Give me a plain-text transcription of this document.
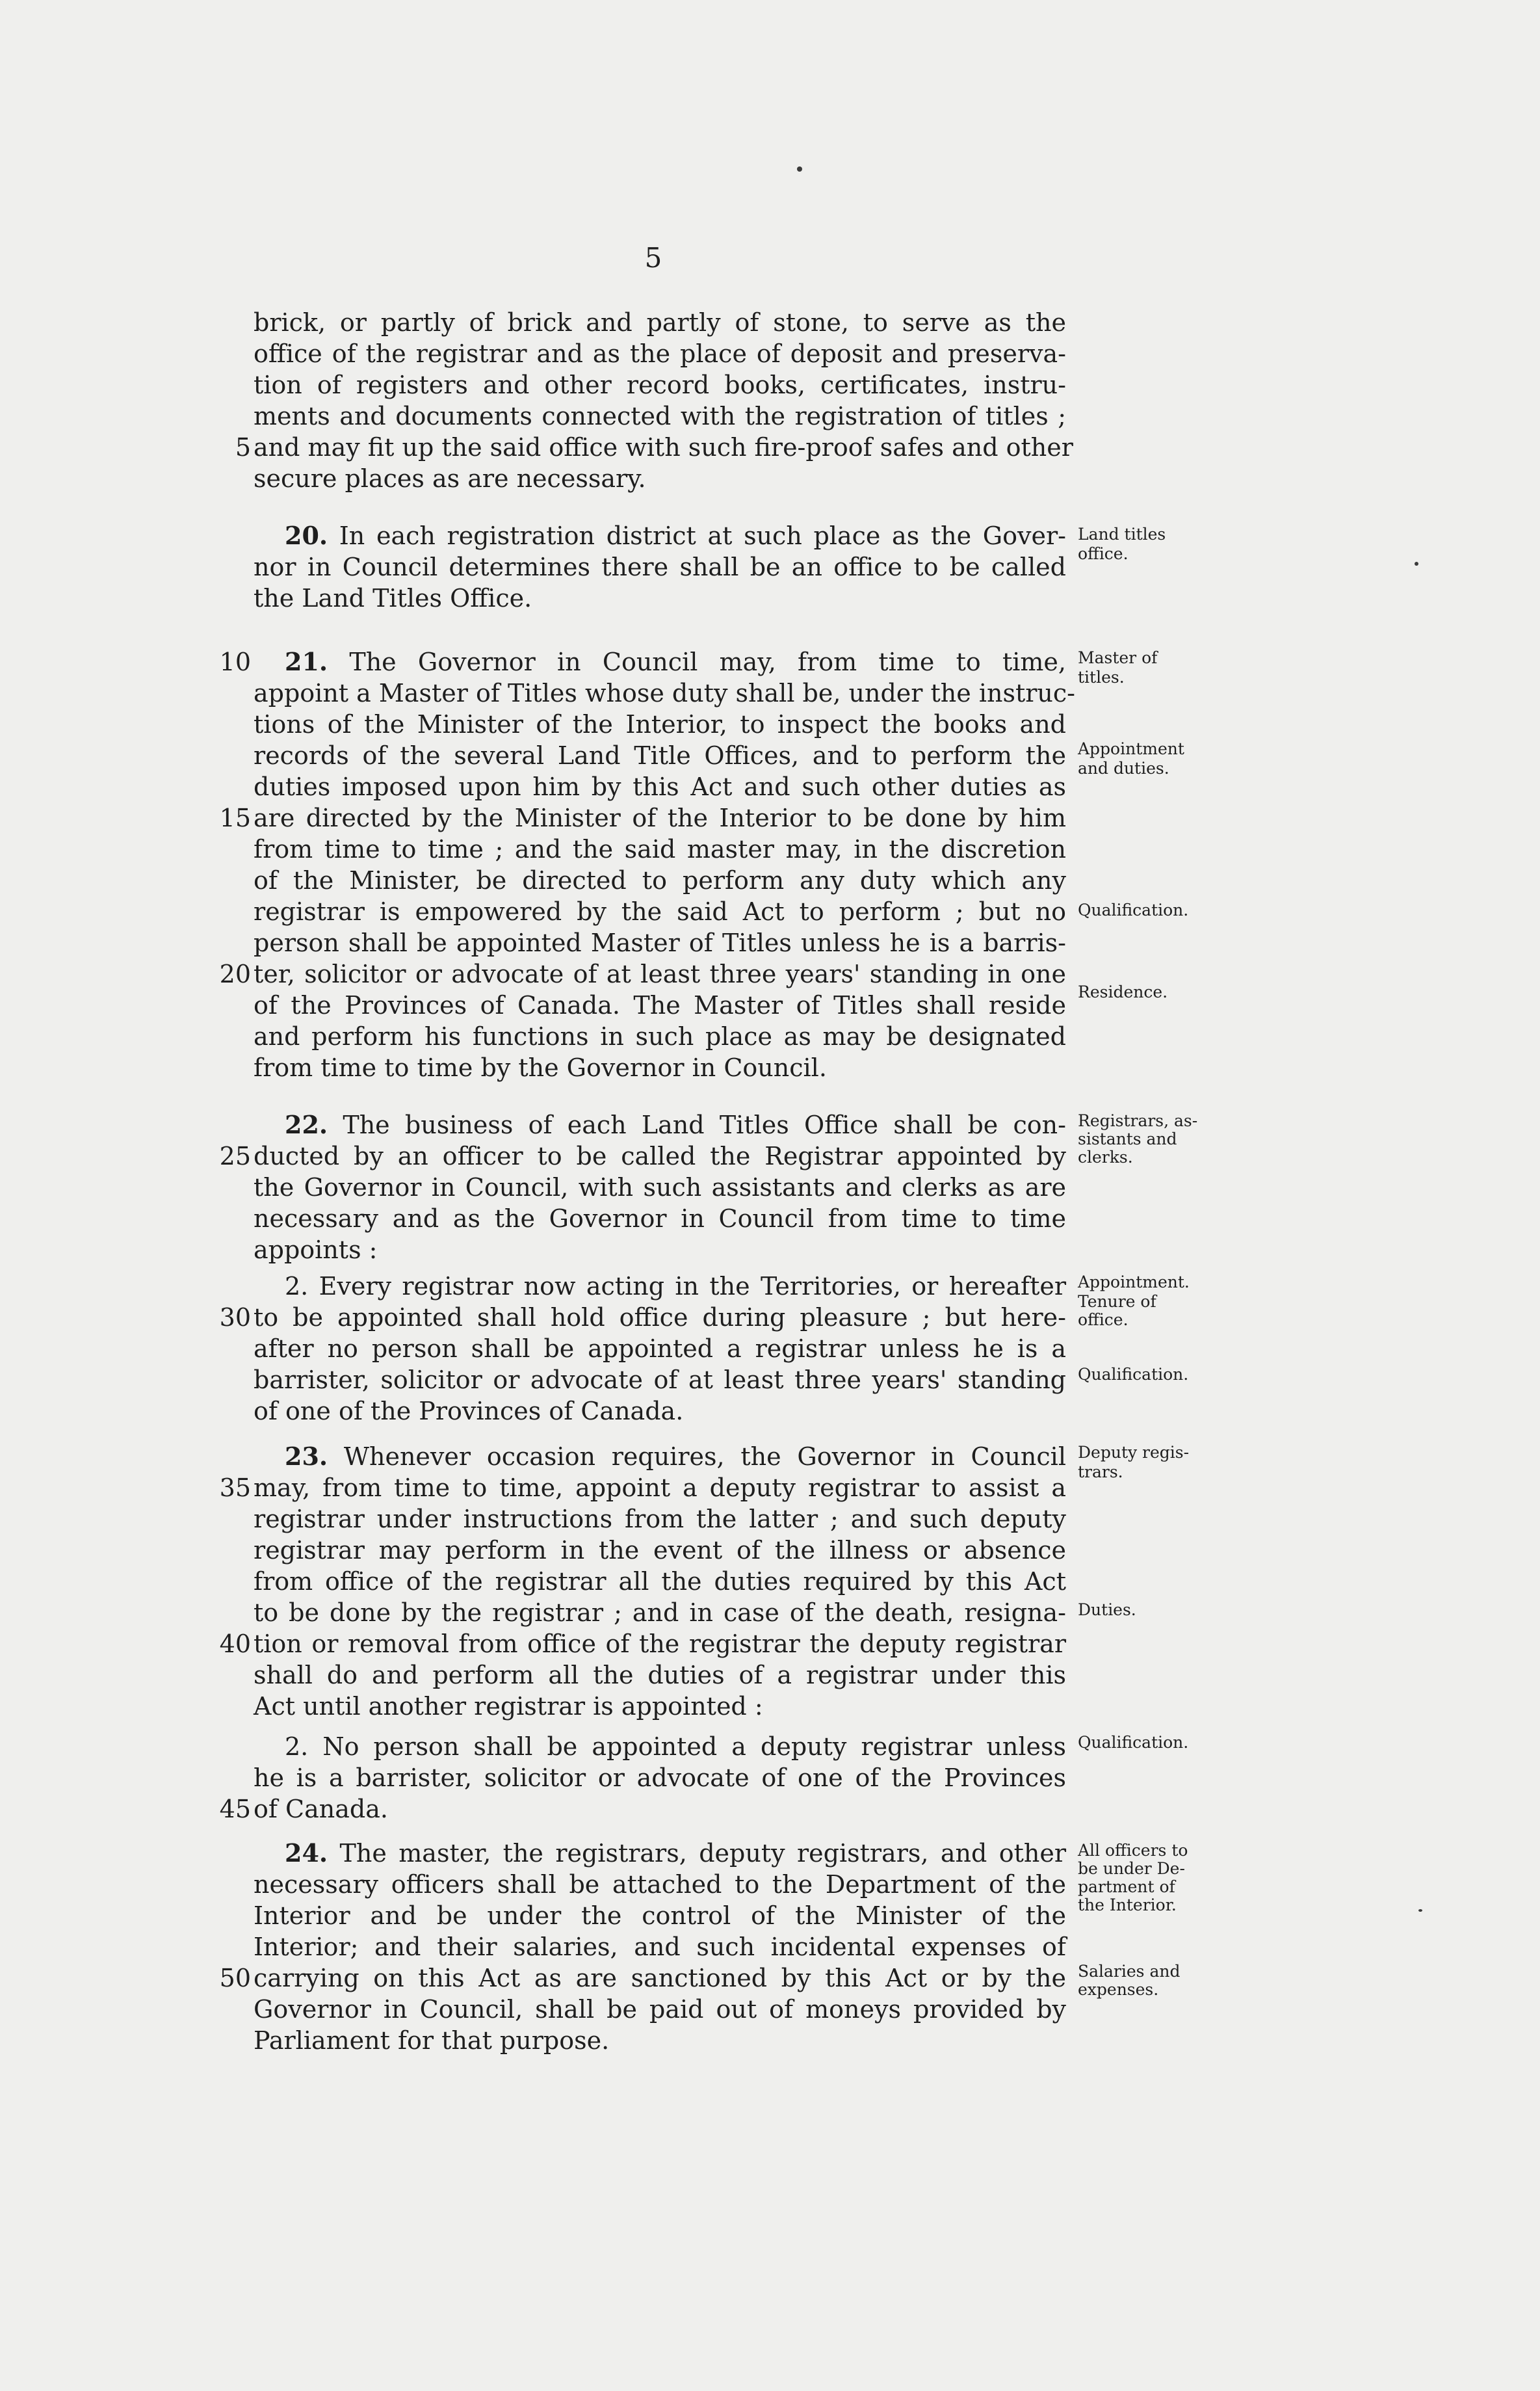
5
brick, or partly of brick and partly of stone, to serve as the
office of the registrar and as the place of deposit and preserva-
tion of registers and other record books, certificates, instru-
ments and documents connected with the registration of titles ;
5 and may fit up the said office with such fire-proof safes and other
secure places as are necessary.
20. In each registration district at such place as the Gover-
nor in Council determines there shall be an office to be called
the Land Titles Office.
Land titles
office.
10 21. The Governor in Council may, from time to time,
appoint a Master of Titles whose duty shall be, under the instruc-
tions of the Minister of the Interior, to inspect the books and
records of the several Land Title Offices, and to perform the
duties imposed upon him by this Act and such other duties as
15 are directed by the Minister of the Interior to be done by him
from time to time ; and the said master may, in the discretion
of the Minister, be directed to perform any duty which any
registrar is empowered by the said Act to perform ; but no
person shall be appointed Master of Titles unless he is a barris-
20 ter, solicitor or advocate of at least three years' standing in one
of the Provinces of Canada. The Master of Titles shall reside
and perform his functions in such place as may be designated
from time to time by the Governor in Council.
Master of
titles.
Appointment
and duties.
Qualification.
Residence.
22. The business of each Land Titles Office shall be con-
25 ducted by an officer to be called the Registrar appointed by
the Governor in Council, with such assistants and clerks as are
necessary and as the Governor in Council from time to time
appoints :
2. Every registrar now acting in the Territories, or hereafter
30 to be appointed shall hold office during pleasure ; but here-
after no person shall be appointed a registrar unless he is a
barrister, solicitor or advocate of at least three years' standing
of one of the Provinces of Canada.
Registrars, as-
sistants and
clerks.
Appointment.
Tenure of
office.
Qualification.
23. Whenever occasion requires, the Governor in Council
35 may, from time to time, appoint a deputy registrar to assist a
registrar under instructions from the latter ; and such deputy
registrar may perform in the event of the illness or absence
from office of the registrar all the duties required by this Act
to be done by the registrar ; and in case of the death, resigna-
40 tion or removal from office of the registrar the deputy registrar
shall do and perform all the duties of a registrar under this
Act until another registrar is appointed :
2. No person shall be appointed a deputy registrar unless
he is a barrister, solicitor or advocate of one of the Provinces
45 of Canada.
Deputy regis-
trars.
Duties.
Qualification.
24. The master, the registrars, deputy registrars, and other
necessary officers shall be attached to the Department of the
Interior and be under the control of the Minister of the
Interior; and their salaries, and such incidental expenses of
50 carrying on this Act as are sanctioned by this Act or by the
Governor in Council, shall be paid out of moneys provided by
Parliament for that purpose.
All officers to
be under De-
partment of
the Interior.
Salaries and
expenses.
